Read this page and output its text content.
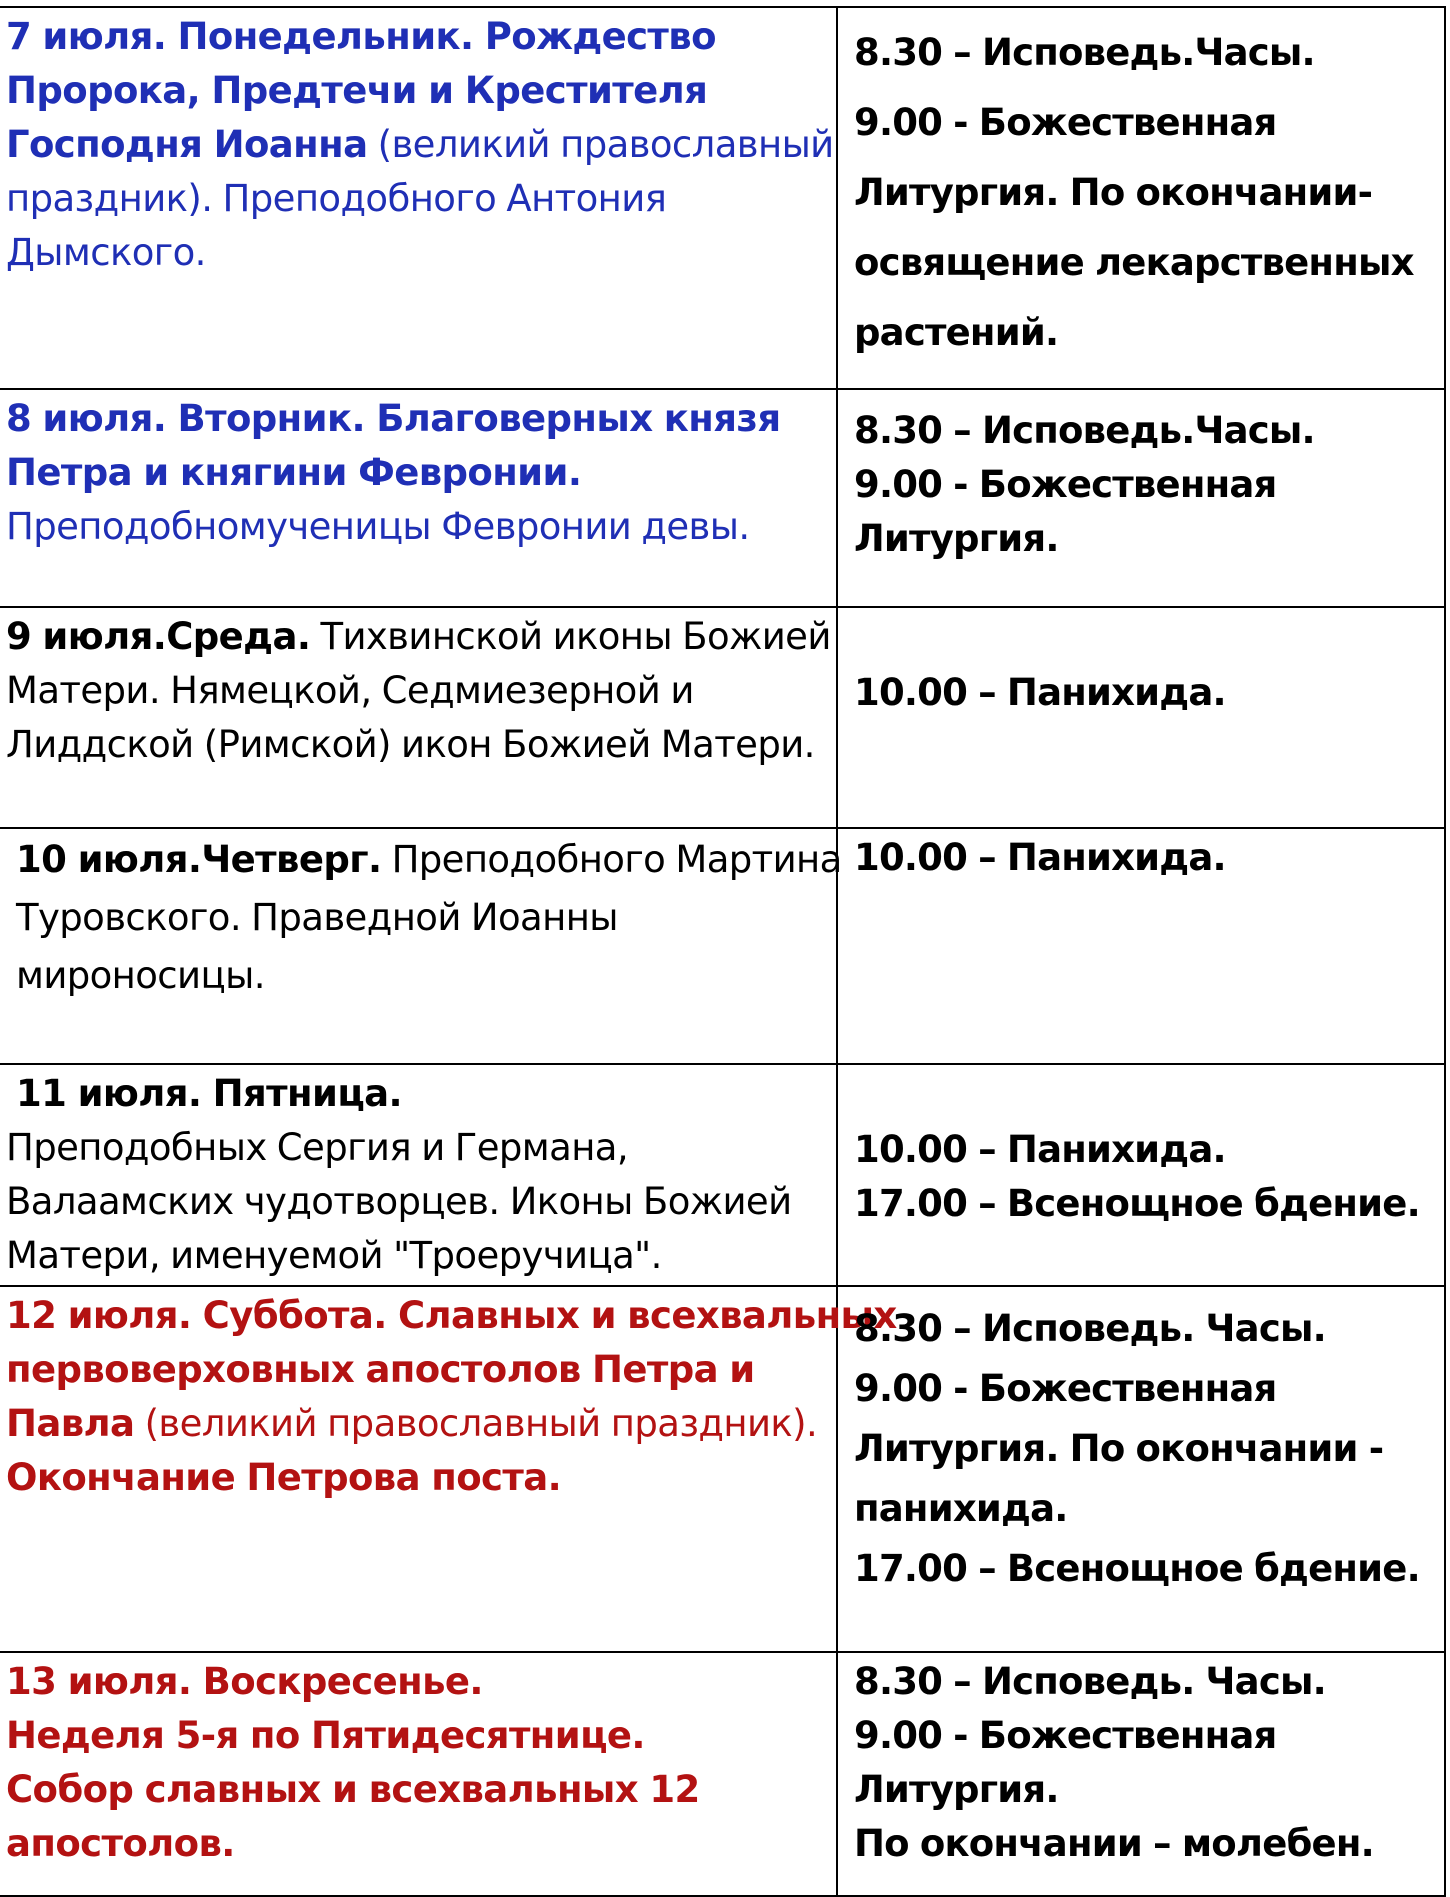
7 июля. Понедельник. Рождество
Пророка, Предтечи и Крестителя
Господня Иоанна (великий православный
праздник). Преподобного Антония
Дымского.
8.30 – Исповедь.Часы.
9.00 - Божественная
Литургия. По окончании-
освящение лекарственных
растений.
8 июля. Вторник. Благоверных князя
Петра и княгини Февронии.
Преподобномученицы Февронии девы.
8.30 – Исповедь.Часы.
9.00 - Божественная
Литургия.
9 июля.Среда. Тихвинской иконы Божией
Матери. Нямецкой, Седмиезерной и
Лиддской (Римской) икон Божией Матери.
10.00 – Панихида.
10 июля.Четверг. Преподобного Мартина
Туровского. Праведной Иоанны
мироносицы.
10.00 – Панихида.
11 июля. Пятница.
Преподобных Сергия и Германа,
Валаамских чудотворцев. Иконы Божией
Матери, именуемой "Троеручица".
10.00 – Панихида.
17.00 – Всенощное бдение.
12 июля. Суббота. Славных и всехвальных
первоверховных апостолов Петра и
Павла (великий православный праздник).
Окончание Петрова поста.
8.30 – Исповедь. Часы.
9.00 - Божественная
Литургия. По окончании -
панихида.
17.00 – Всенощное бдение.
13 июля. Воскресенье.
Неделя 5-я по Пятидесятнице.
Собор славных и всехвальных 12
апостолов.
8.30 – Исповедь. Часы.
9.00 - Божественная
Литургия.
По окончании – молебен.
